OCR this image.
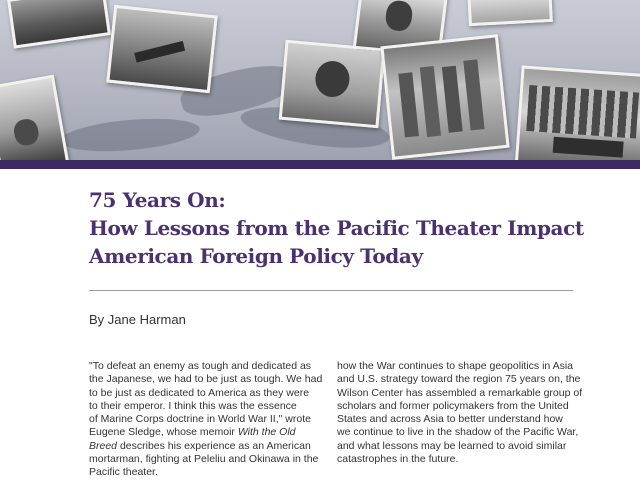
75 Years On:
How Lessons from the Pacific Theater Impact
American Foreign Policy Today
By Jane Harman
"To defeat an enemy as tough and dedicated as
the Japanese, we had to be just as tough. We had
to be just as dedicated to America as they were
to their emperor. I think this was the essence
of Marine Corps doctrine in World War II," wrote
Eugene Sledge, whose memoir With the Old
Breed describes his experience as an American
mortarman, fighting at Peleliu and Okinawa in the
Pacific theater.
how the War continues to shape geopolitics in Asia
and U.S. strategy toward the region 75 years on, the
Wilson Center has assembled a remarkable group of
scholars and former policymakers from the United
States and across Asia to better understand how
we continue to live in the shadow of the Pacific War,
and what lessons may be learned to avoid similar
catastrophes in the future.
